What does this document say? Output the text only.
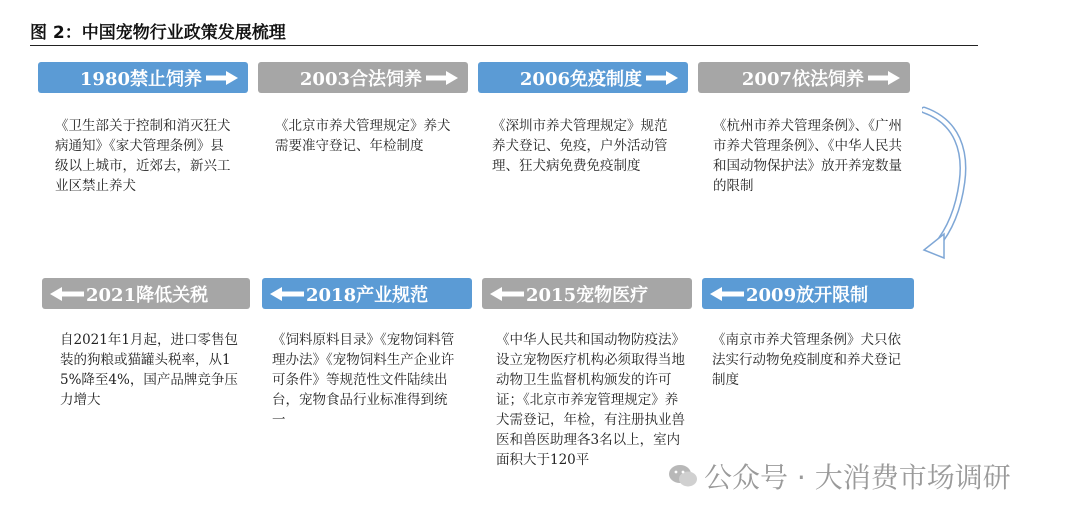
图 2：中国宠物行业政策发展梳理
1980禁止饲养	2003合法饲养	2006免疫制度	2007依法饲养
《卫生部关于控制和消灭狂犬病通知》《家犬管理条例》县级以上城市，近郊去，新兴工业区禁止养犬
《北京市养犬管理规定》养犬需要准守登记、年检制度
《深圳市养犬管理规定》规范养犬登记、免疫，户外活动管理、狂犬病免费免疫制度
《杭州市养犬管理条例》、《广州市养犬管理条例》、《中华人民共和国动物保护法》放开养宠数量的限制
2021降低关税	2018产业规范	2015宠物医疗	2009放开限制
自2021年1月起，进口零售包装的狗粮或猫罐头税率，从15%降至4%，国产品牌竞争压力增大
《饲料原料目录》《宠物饲料管理办法》《宠物饲料生产企业许可条件》等规范性文件陆续出台，宠物食品行业标准得到统一
《中华人民共和国动物防疫法》设立宠物医疗机构必须取得当地动物卫生监督机构颁发的许可证；《北京市养宠管理规定》养犬需登记，年检，有注册执业兽医和兽医助理各3名以上，室内面积大于120平
《南京市养犬管理条例》犬只依法实行动物免疫制度和养犬登记制度
公众号 · 大消费市场调研
